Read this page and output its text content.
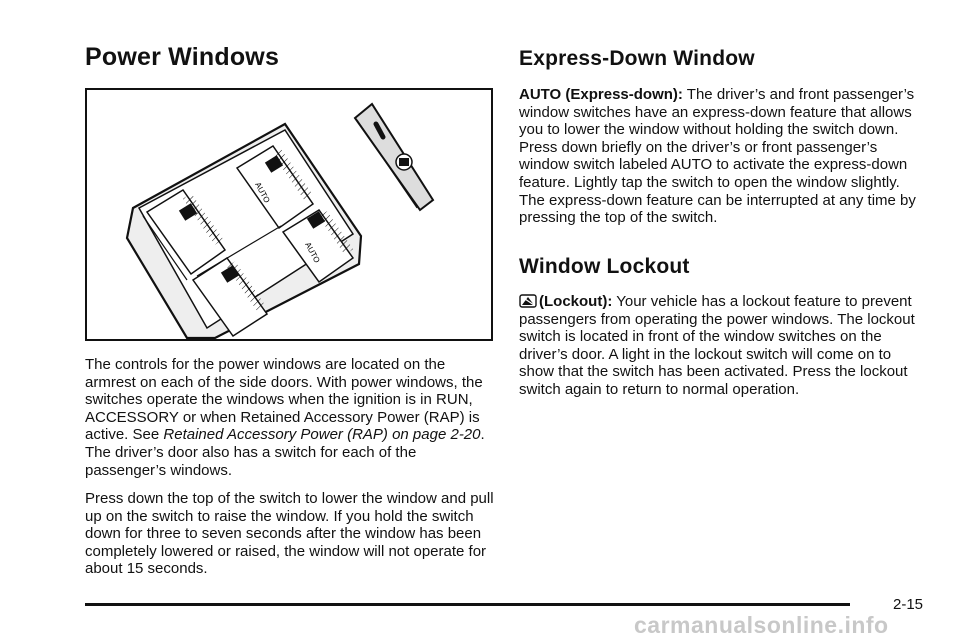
Power Windows
AUTO
AUTO

The controls for the power windows are located on the armrest on each of the side doors. With power windows, the switches operate the windows when the ignition is in RUN, ACCESSORY or when Retained Accessory Power (RAP) is active. See Retained Accessory Power (RAP) on page 2-20. The driver’s door also has a switch for each of the passenger’s windows.

Press down the top of the switch to lower the window and pull up on the switch to raise the window. If you hold the switch down for three to seven seconds after the window has been completely lowered or raised, the window will not operate for about 15 seconds.

Express-Down Window

AUTO (Express-down): The driver’s and front passenger’s window switches have an express-down feature that allows you to lower the window without holding the switch down. Press down briefly on the driver’s or front passenger’s window switch labeled AUTO to activate the express-down feature. Lightly tap the switch to open the window slightly. The express-down feature can be interrupted at any time by pressing the top of the switch.

Window Lockout

(Lockout): Your vehicle has a lockout feature to prevent passengers from operating the power windows. The lockout switch is located in front of the window switches on the driver’s door. A light in the lockout switch will come on to show that the switch has been activated. Press the lockout switch again to return to normal operation.

2-15
carmanualsonline.info
